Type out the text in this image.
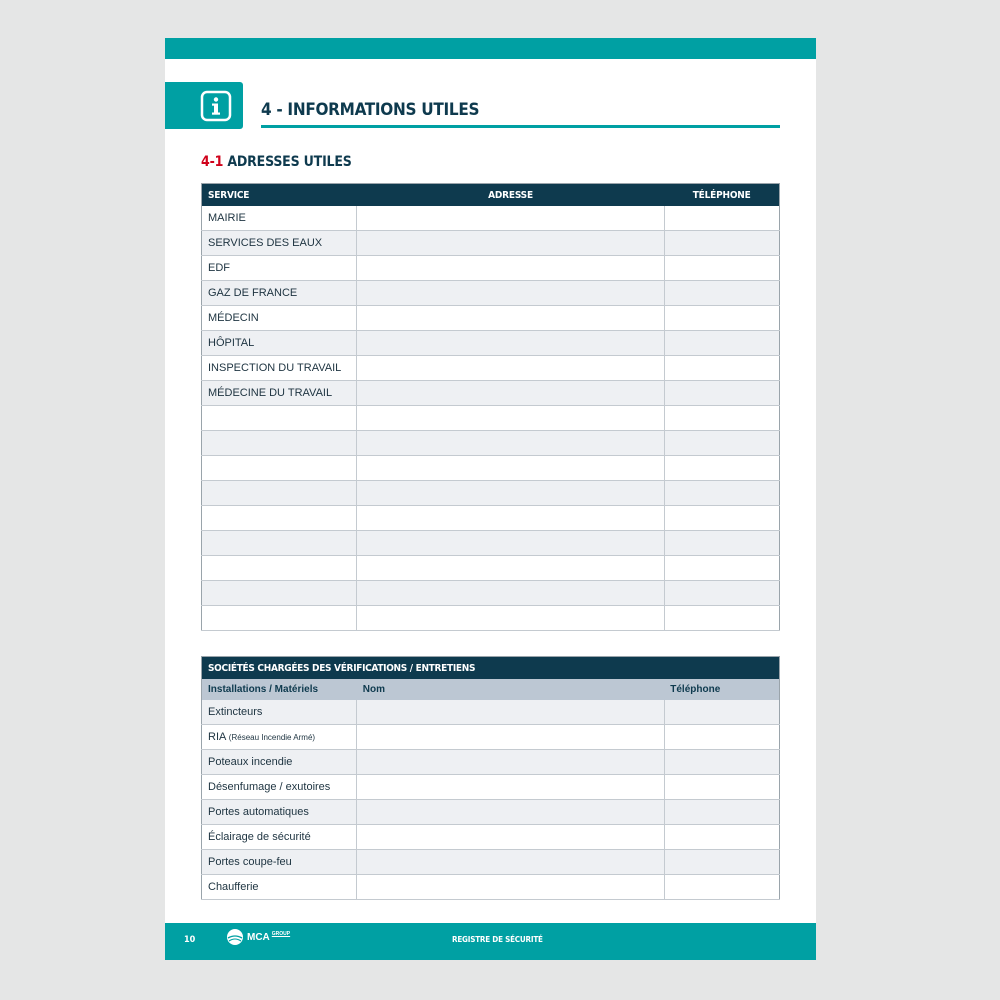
4 - INFORMATIONS UTILES
4-1 ADRESSES UTILES
SERVICE	ADRESSE	TÉLÉPHONE
MAIRIE		
SERVICES DES EAUX		
EDF		
GAZ DE FRANCE		
MÉDECIN		
HÔPITAL		
INSPECTION DU TRAVAIL		
MÉDECINE DU TRAVAIL		

SOCIÉTÉS CHARGÉES DES VÉRIFICATIONS / ENTRETIENS		
Installations / Matériels	Nom	Téléphone
Extincteurs		
RIA (Réseau Incendie Armé)		
Poteaux incendie		
Désenfumage / exutoires		
Portes automatiques		
Éclairage de sécurité		
Portes coupe-feu		
Chaufferie		
10	MCA GROUP
REGISTRE DE SÉCURITÉ
